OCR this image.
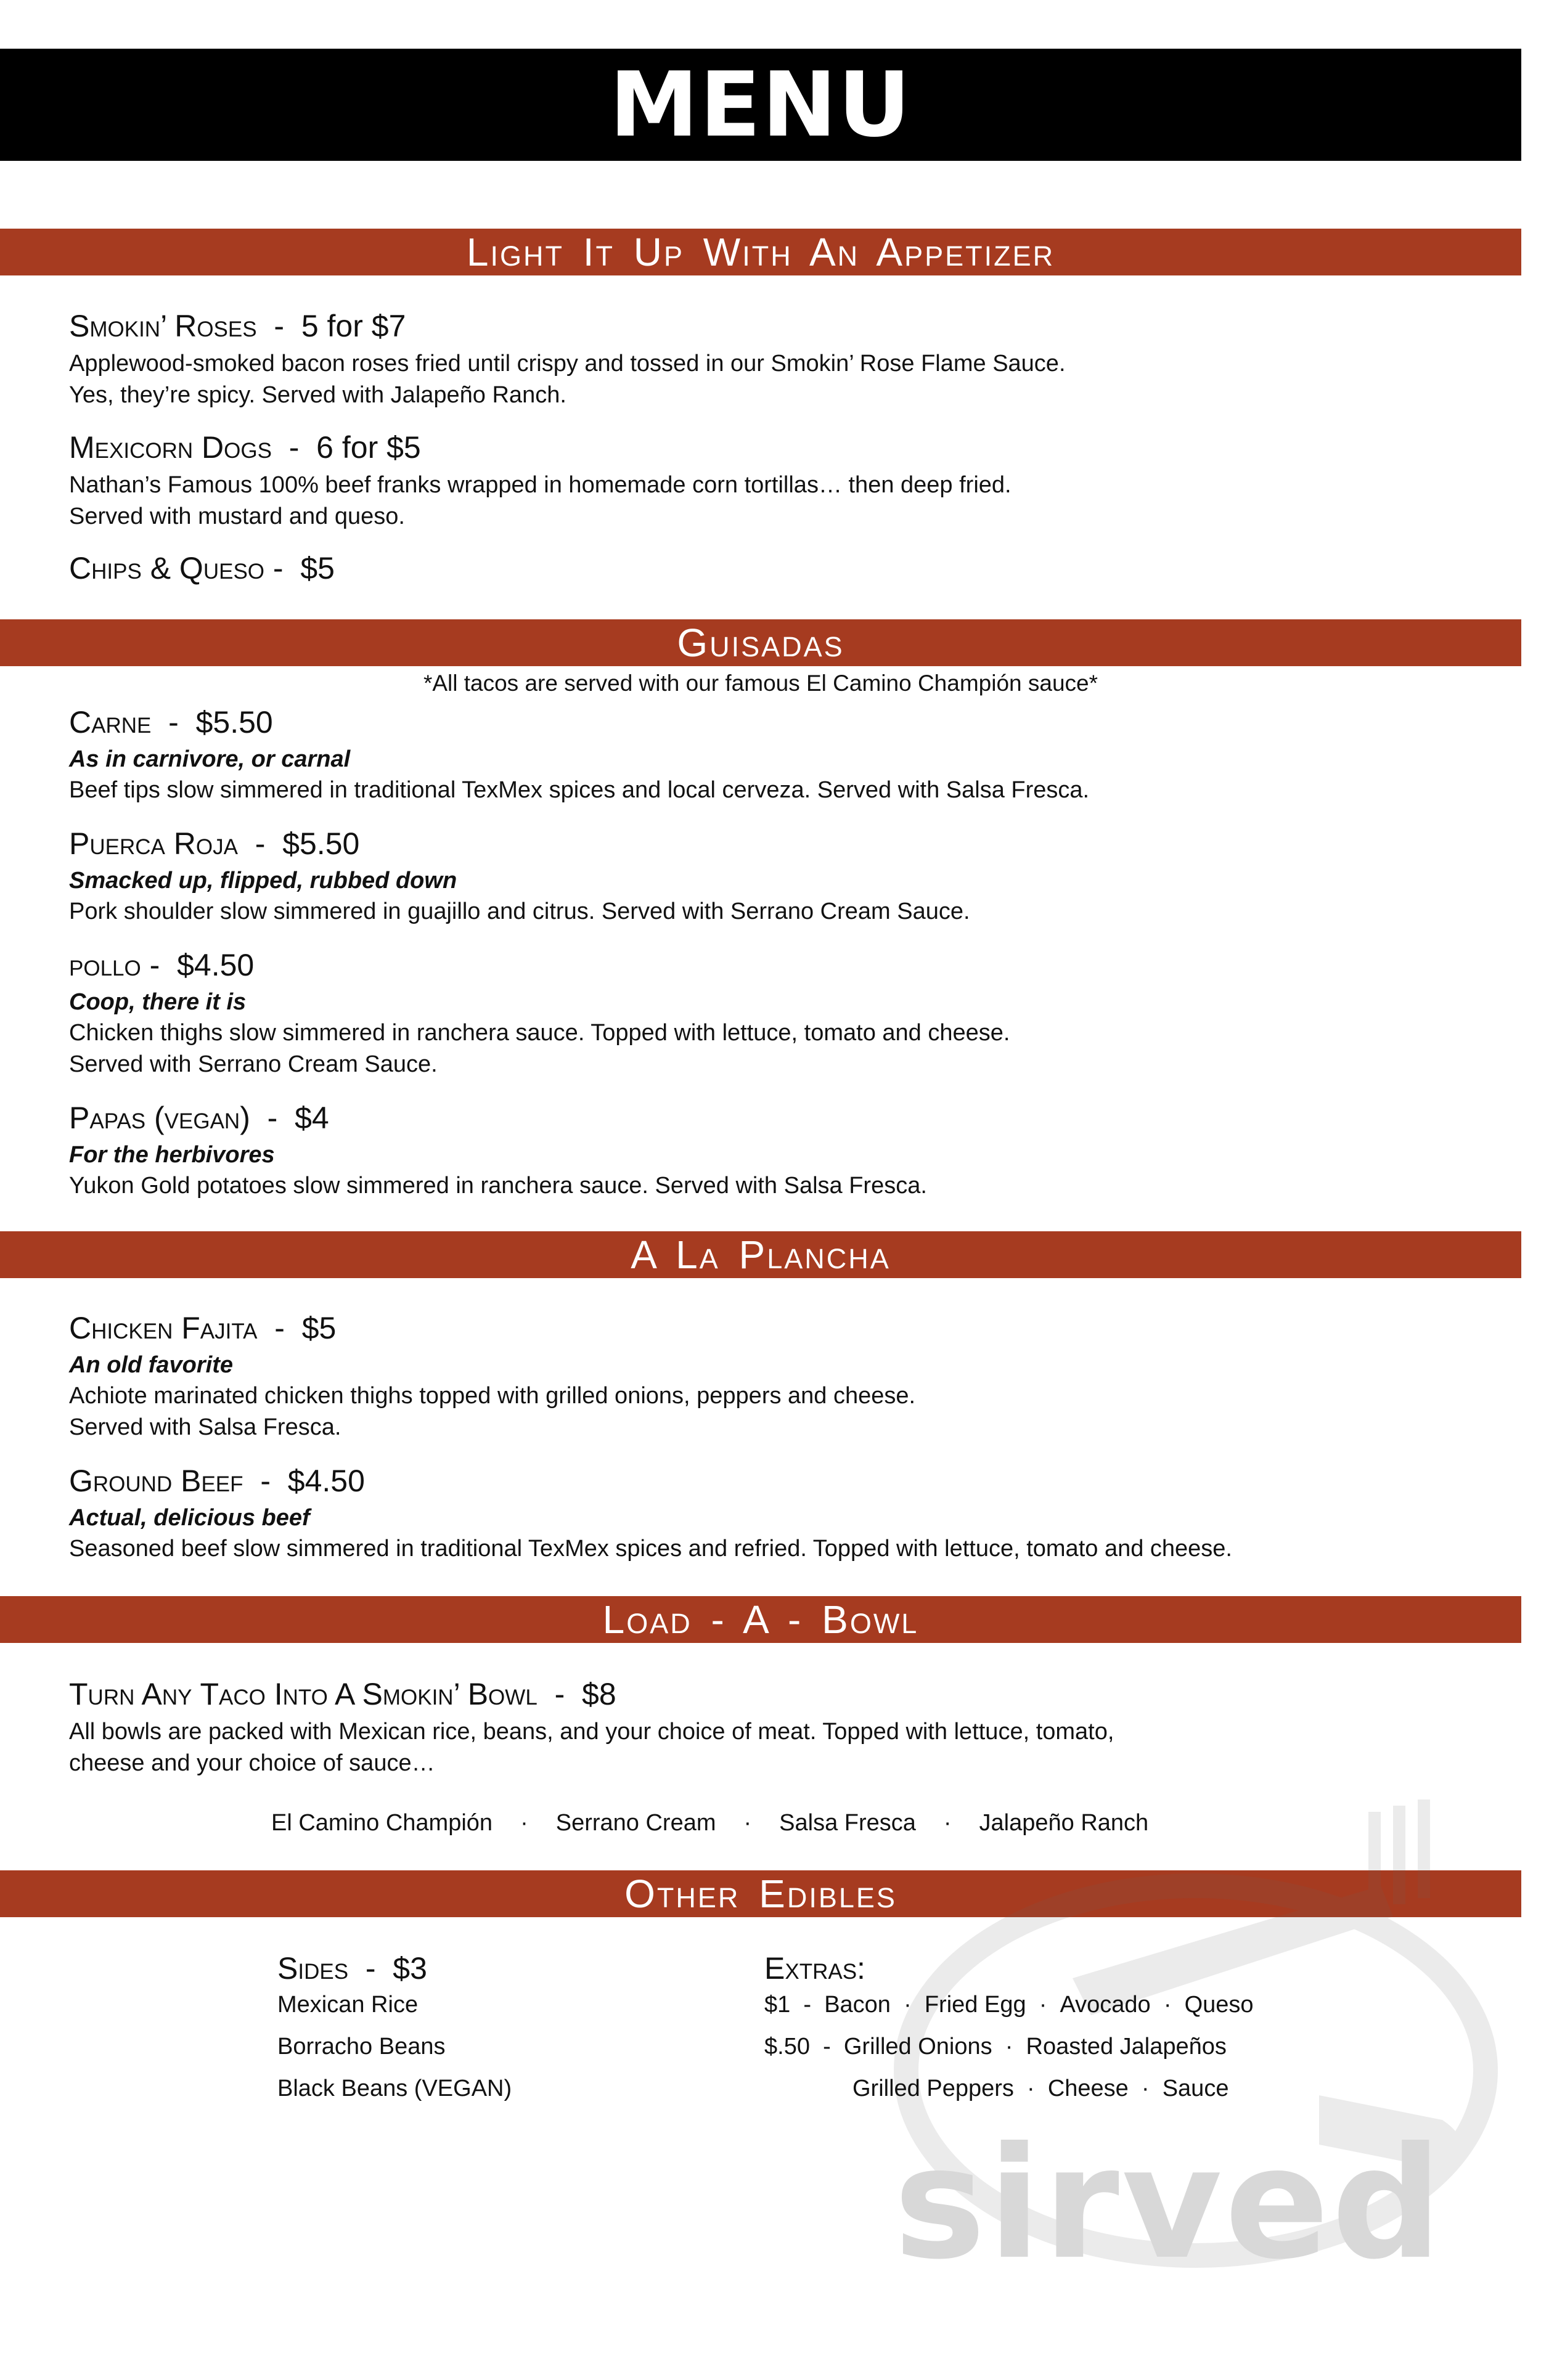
MENU
Light It Up With An Appetizer
Smokin’ Roses - 5 for $7
Applewood-smoked bacon roses fried until crispy and tossed in our Smokin’ Rose Flame Sauce.
Yes, they’re spicy. Served with Jalapeño Ranch.
Mexicorn Dogs - 6 for $5
Nathan’s Famous 100% beef franks wrapped in homemade corn tortillas… then deep fried.
Served with mustard and queso.
Chips & Queso - $5
Guisadas
*All tacos are served with our famous El Camino Champión sauce*
Carne - $5.50
As in carnivore, or carnal
Beef tips slow simmered in traditional TexMex spices and local cerveza. Served with Salsa Fresca.
Puerca Roja - $5.50
Smacked up, flipped, rubbed down
Pork shoulder slow simmered in guajillo and citrus. Served with Serrano Cream Sauce.
pollo - $4.50
Coop, there it is
Chicken thighs slow simmered in ranchera sauce. Topped with lettuce, tomato and cheese.
Served with Serrano Cream Sauce.
Papas (vegan) - $4
For the herbivores
Yukon Gold potatoes slow simmered in ranchera sauce. Served with Salsa Fresca.
A La Plancha
Chicken Fajita - $5
An old favorite
Achiote marinated chicken thighs topped with grilled onions, peppers and cheese.
Served with Salsa Fresca.
Ground Beef - $4.50
Actual, delicious beef
Seasoned beef slow simmered in traditional TexMex spices and refried. Topped with lettuce, tomato and cheese.
Load - A - Bowl
Turn Any Taco Into A Smokin’ Bowl - $8
All bowls are packed with Mexican rice, beans, and your choice of meat. Topped with lettuce, tomato,
cheese and your choice of sauce…
El Camino Champión · Serrano Cream · Salsa Fresca · Jalapeño Ranch
Other Edibles
sirved
Sides - $3
Mexican Rice
Borracho Beans
Black Beans (VEGAN)
Extras:
$1 - Bacon · Fried Egg · Avocado · Queso
$.50 - Grilled Onions · Roasted Jalapeños
Grilled Peppers · Cheese · Sauce
